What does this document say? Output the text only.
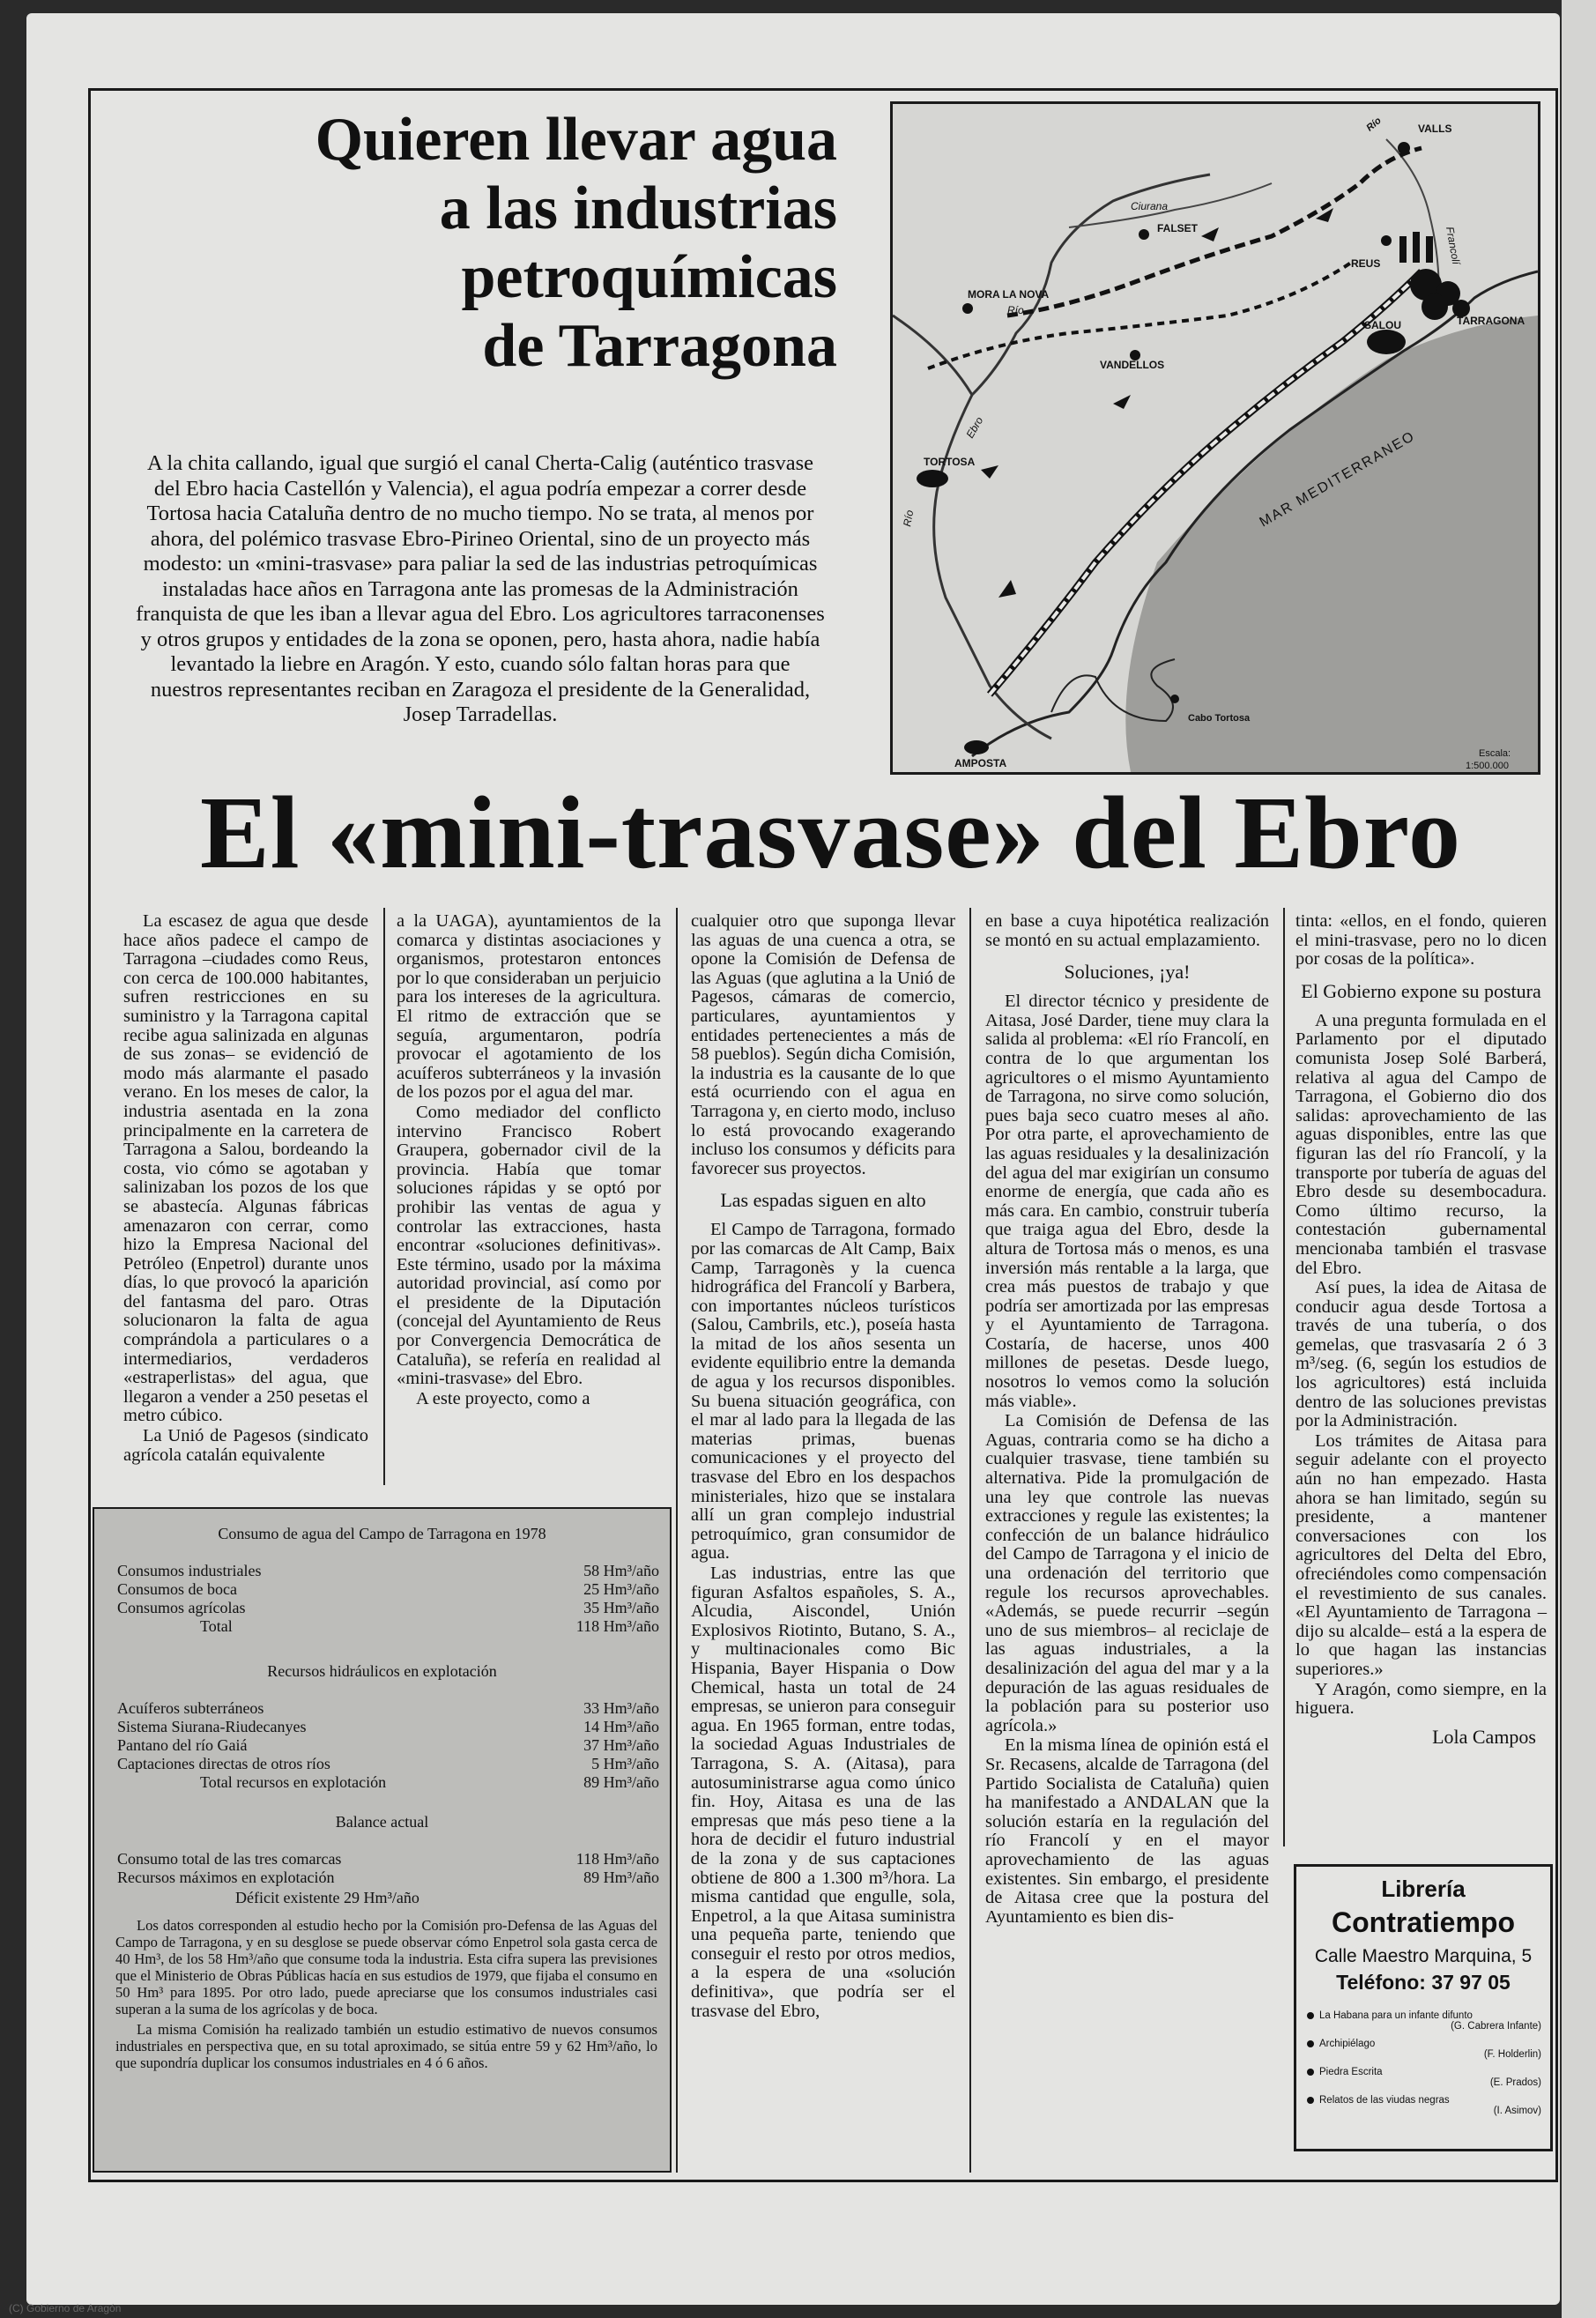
Quieren llevar agua
a las industrias
petroquímicas
de Tarragona

A la chita callando, igual que surgió el canal Cherta-Calig (auténtico trasvase del Ebro hacia Castellón y Valencia), el agua podría empezar a correr desde Tortosa hacia Cataluña dentro de no mucho tiempo. No se trata, al menos por ahora, del polémico trasvase Ebro-Pirineo Oriental, sino de un proyecto más modesto: un «mini-trasvase» para paliar la sed de las industrias petroquímicas instaladas hace años en Tarragona ante las promesas de la Administración franquista de que les iban a llevar agua del Ebro. Los agricultores tarraconenses y otros grupos y entidades de la zona se oponen, pero, hasta ahora, nadie había levantado la liebre en Aragón. Y esto, cuando sólo faltan horas para que nuestros representantes reciban en Zaragoza el presidente de la Generalidad, Josep Tarradellas.

VALLS
Río
Ciurana
Francolí
FALSET
REUS
Río
MORA LA NOVA
SALOU	TARRAGONA
VANDELLOS
Ebro
MAR MEDITERRANEO
Río
TORTOSA
Cabo Tortosa
AMPOSTA
Escala:
1:500.000
El «mini-trasvase» del Ebro

La escasez de agua que desde hace años padece el campo de Tarragona –ciudades como Reus, con cerca de 100.000 habitantes, sufren restricciones en su suministro y la Tarragona capital recibe agua salinizada en algunas de sus zonas– se evidenció de modo más alarmante el pasado verano. En los meses de calor, la industria asentada en la zona principalmente en la carretera de Tarragona a Salou, bordeando la costa, vio cómo se agotaban y salinizaban los pozos de los que se abastecía. Algunas fábricas amenazaron con cerrar, como hizo la Empresa Nacional del Petróleo (Enpetrol) durante unos días, lo que provocó la aparición del fantasma del paro. Otras solucionaron la falta de agua comprándola a particulares o a intermediarios, verdaderos «estraperlistas» del agua, que llegaron a vender a 250 pesetas el metro cúbico.

La Unió de Pagesos (sindicato agrícola catalán equivalente

a la UAGA), ayuntamientos de la comarca y distintas asociaciones y organismos, protestaron entonces por lo que consideraban un perjuicio para los intereses de la agricultura. El ritmo de extracción que se seguía, argumentaron, podría provocar el agotamiento de los acuíferos subterráneos y la invasión de los pozos por el agua del mar.

Como mediador del conflicto intervino Francisco Robert Graupera, gobernador civil de la provincia. Había que tomar soluciones rápidas y se optó por prohibir las ventas de agua y controlar las extracciones, hasta encontrar «soluciones definitivas». Este término, usado por la máxima autoridad provincial, así como por el presidente de la Diputación (concejal del Ayuntamiento de Reus por Convergencia Democrática de Cataluña), se refería en realidad al «mini-trasvase» del Ebro.

A este proyecto, como a

cualquier otro que suponga llevar las aguas de una cuenca a otra, se opone la Comisión de Defensa de las Aguas (que aglutina a la Unió de Pagesos, cámaras de comercio, particulares, ayuntamientos y entidades pertenecientes a más de 58 pueblos). Según dicha Comisión, la industria es la causante de lo que está ocurriendo con el agua en Tarragona y, en cierto modo, incluso lo está provocando exagerando incluso los consumos y déficits para favorecer sus proyectos.

Las espadas siguen en alto

El Campo de Tarragona, formado por las comarcas de Alt Camp, Baix Camp, Tarragonès y la cuenca hidrográfica del Francolí y Barbera, con importantes núcleos turísticos (Salou, Cambrils, etc.), poseía hasta la mitad de los años sesenta un evidente equilibrio entre la demanda de agua y los recursos disponibles. Su buena situación geográfica, con el mar al lado para la llegada de las materias primas, buenas comunicaciones y el proyecto del trasvase del Ebro en los despachos ministeriales, hizo que se instalara allí un gran complejo industrial petroquímico, gran consumidor de agua.

Las industrias, entre las que figuran Asfaltos españoles, S. A., Alcudia, Aiscondel, Unión Explosivos Riotinto, Butano, S. A., y multinacionales como Bic Hispania, Bayer Hispania o Dow Chemical, hasta un total de 24 empresas, se unieron para conseguir agua. En 1965 forman, entre todas, la sociedad Aguas Industriales de Tarragona, S. A. (Aitasa), para autosuministrarse agua como único fin. Hoy, Aitasa es una de las empresas que más peso tiene a la hora de decidir el futuro industrial de la zona y de sus captaciones obtiene de 800 a 1.300 m³/hora. La misma cantidad que engulle, sola, Enpetrol, a la que Aitasa suministra una pequeña parte, teniendo que conseguir el resto por otros medios, a la espera de una «solución definitiva», que podría ser el trasvase del Ebro,

en base a cuya hipotética realización se montó en su actual emplazamiento.

Soluciones, ¡ya!

El director técnico y presidente de Aitasa, José Darder, tiene muy clara la salida al problema: «El río Francolí, en contra de lo que argumentan los agricultores o el mismo Ayuntamiento de Tarragona, no sirve como solución, pues baja seco cuatro meses al año. Por otra parte, el aprovechamiento de las aguas residuales y la desalinización del agua del mar exigirían un consumo enorme de energía, que cada año es más cara. En cambio, construir tubería que traiga agua del Ebro, desde la altura de Tortosa más o menos, es una inversión más rentable a la larga, que crea más puestos de trabajo y que podría ser amortizada por las empresas y el Ayuntamiento de Tarragona. Costaría, de hacerse, unos 400 millones de pesetas. Desde luego, nosotros lo vemos como la solución más viable».

La Comisión de Defensa de las Aguas, contraria como se ha dicho a cualquier trasvase, tiene también su alternativa. Pide la promulgación de una ley que controle las nuevas extracciones y regule las existentes; la confección de un balance hidráulico del Campo de Tarragona y el inicio de una ordenación del territorio que regule los recursos aprovechables. «Además, se puede recurrir –según uno de sus miembros– al reciclaje de las aguas industriales, a la desalinización del agua del mar y a la depuración de las aguas residuales de la población para su posterior uso agrícola.»

En la misma línea de opinión está el Sr. Recasens, alcalde de Tarragona (del Partido Socialista de Cataluña) quien ha manifestado a ANDALAN que la solución estaría en la regulación del río Francolí y en el mayor aprovechamiento de las aguas existentes. Sin embargo, el presidente de Aitasa cree que la postura del Ayuntamiento es bien dis-

tinta: «ellos, en el fondo, quieren el mini-trasvase, pero no lo dicen por cosas de la política».

El Gobierno expone su postura

A una pregunta formulada en el Parlamento por el diputado comunista Josep Solé Barberá, relativa al agua del Campo de Tarragona, el Gobierno dio dos salidas: aprovechamiento de las aguas disponibles, entre las que figuran las del río Francolí, y la transporte por tubería de aguas del Ebro desde su desembocadura. Como último recurso, la contestación gubernamental mencionaba también el trasvase del Ebro.

Así pues, la idea de Aitasa de conducir agua desde Tortosa a través de una tubería, o dos gemelas, que trasvasaría 2 ó 3 m³/seg. (6, según los estudios de los agricultores) está incluida dentro de las soluciones previstas por la Administración.

Los trámites de Aitasa para seguir adelante con el proyecto aún no han empezado. Hasta ahora se han limitado, según su presidente, a mantener conversaciones con los agricultores del Delta del Ebro, ofreciéndoles como compensación el revestimiento de sus canales. «El Ayuntamiento de Tarragona –dijo su alcalde– está a la espera de lo que hagan las instancias superiores.»

Y Aragón, como siempre, en la higuera.

Lola Campos
Consumo de agua del Campo de Tarragona en 1978
Consumos industriales	58 Hm³/año
Consumos de boca	25 Hm³/año
Consumos agrícolas	35 Hm³/año
Total	118 Hm³/año
Recursos hidráulicos en explotación
Acuíferos subterráneos	33 Hm³/año
Sistema Siurana-Riudecanyes	14 Hm³/año
Pantano del río Gaiá	37 Hm³/año
Captaciones directas de otros ríos	5 Hm³/año
Total recursos en explotación	89 Hm³/año
Balance actual
Consumo total de las tres comarcas	118 Hm³/año
Recursos máximos en explotación	89 Hm³/año
Déficit existente 29 Hm³/año

Los datos corresponden al estudio hecho por la Comisión pro-Defensa de las Aguas del Campo de Tarragona, y en su desglose se puede observar cómo Enpetrol sola gasta cerca de 40 Hm³, de los 58 Hm³/año que consume toda la industria. Esta cifra supera las previsiones que el Ministerio de Obras Públicas hacía en sus estudios de 1979, que fijaba el consumo en 50 Hm³ para 1895. Por otro lado, puede apreciarse que los consumos industriales casi superan a la suma de los agrícolas y de boca.

La misma Comisión ha realizado también un estudio estimativo de nuevos consumos industriales en perspectiva que, en su total aproximado, se sitúa entre 59 y 62 Hm³/año, lo que supondría duplicar los consumos industriales en 4 ó 6 años.

Librería
Contratiempo
Calle Maestro Marquina, 5
Teléfono: 37 97 05
La Habana para un infante difunto
(G. Cabrera Infante)
Archipiélago
(F. Holderlin)
Piedra Escrita
(E. Prados)
Relatos de las viudas negras
(I. Asimov)
(C) Gobierno de Aragón
